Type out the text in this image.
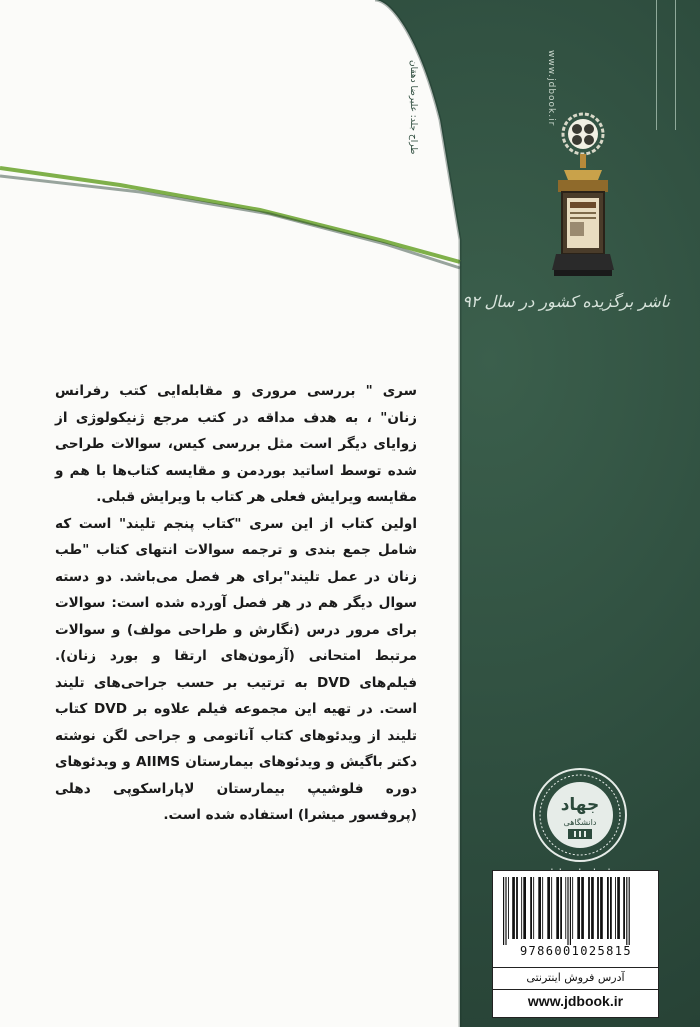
www.jdbook.ir
طراح جلد: علیرضا دهقان
ناشر برگزیده کشور در سال ۹۲

سری " بررسی مروری و مقابله‌ایی کتب رفرانس زنان" ، به هدف مداقه در کتب مرجع ژنیکولوژی از زوایای دیگر است مثل بررسی کیس، سوالات طراحی شده توسط اساتید بوردمن و مقایسه کتاب‌ها با هم و مقایسه ویرایش فعلی هر کتاب با ویرایش قبلی.

اولین کتاب از این سری "کتاب پنجم تلیند" است که شامل جمع بندی و ترجمه سوالات انتهای کتاب "طب زنان در عمل تلیند"برای هر فصل می‌باشد. دو دسته سوال دیگر هم در هر فصل آورده شده است: سوالات برای مرور درس (نگارش و طراحی مولف) و سوالات مرتبط امتحانی (آزمون‌های ارتقا و بورد زنان). فیلم‌های DVD به ترتیب بر حسب جراحی‌های تلیند است. در تهیه این مجموعه فیلم علاوه بر DVD کتاب تلیند از ویدئوهای کتاب آناتومی و جراحی لگن نوشته دکتر باگیش و ویدئوهای بیمارستان AIIMS و ویدئوهای دوره فلوشیپ بیمارستان لاپاراسکوپی دهلی (پروفسور میشرا) استفاده شده است.	جهاد
دانشگاهی
9786001025815
آدرس فروش اینترنتی
www.jdbook.ir
